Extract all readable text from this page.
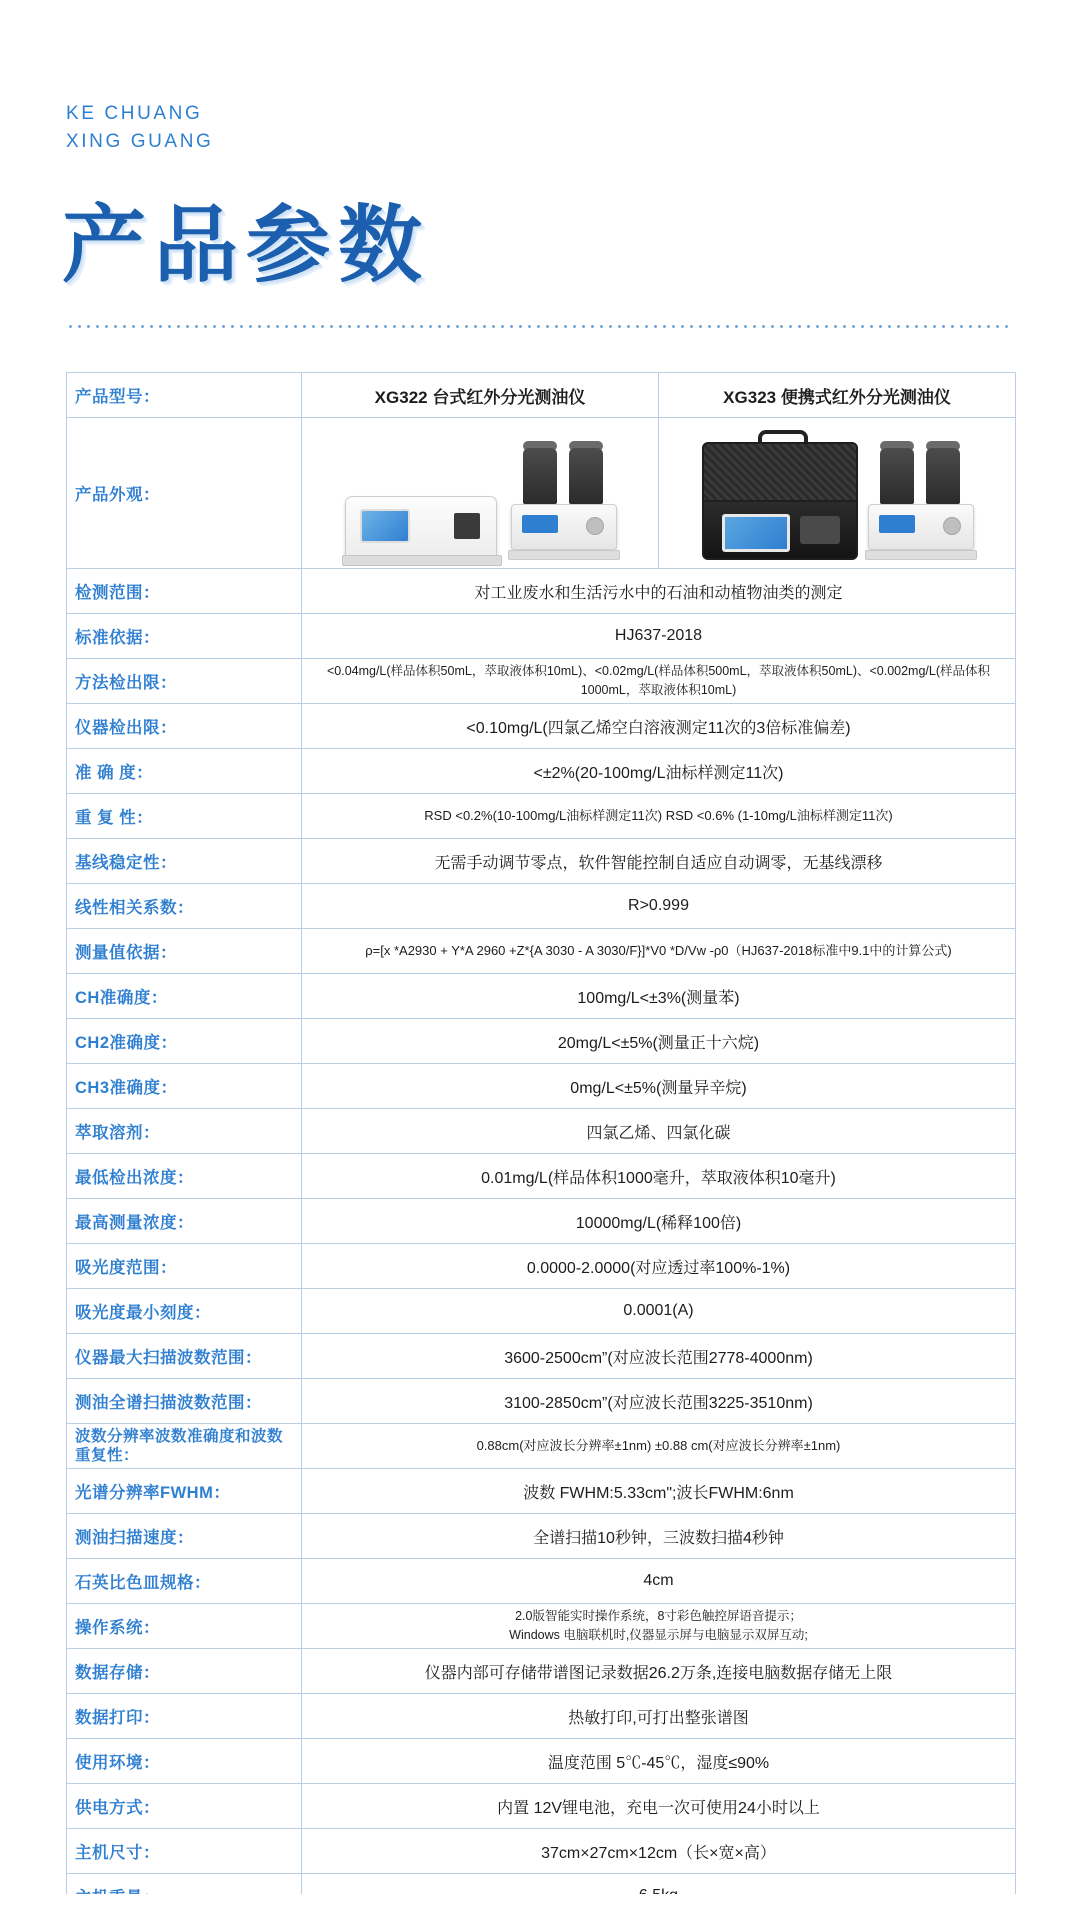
KE CHUANG
XING GUANG
产品参数
产品型号：	XG322 台式红外分光测油仪	XG323 便携式红外分光测油仪
产品外观：	

检测范围：	对工业废水和生活污水中的石油和动植物油类的测定	
标准依据：	HJ637-2018	
方法检出限：	<0.04mg/L(样品体积50mL，萃取液体积10mL)、<0.02mg/L(样品体积500mL，萃取液体积50mL)、<0.002mg/L(样品体积1000mL，萃取液体积10mL)	
仪器检出限：	<0.10mg/L(四氯乙烯空白溶液测定11次的3倍标准偏差)	
准 确 度：	<±2%(20-100mg/L油标样测定11次)	
重 复 性：	RSD <0.2%(10-100mg/L油标样测定11次) RSD <0.6% (1-10mg/L油标样测定11次)	
基线稳定性：	无需手动调节零点，软件智能控制自适应自动调零，无基线漂移	
线性相关系数：	R>0.999	
测量值依据：	ρ=[x *A2930 + Y*A 2960 +Z*{A 3030 - A 3030/F}]*V0 *D/Vw -ρ0（HJ637-2018标准中9.1中的计算公式)	
CH准确度：	100mg/L<±3%(测量苯)	
CH2准确度：	20mg/L<±5%(测量正十六烷)	
CH3准确度：	0mg/L<±5%(测量异辛烷)	
萃取溶剂：	四氯乙烯、四氯化碳	
最低检出浓度：	0.01mg/L(样品体积1000毫升，萃取液体积10毫升)	
最高测量浓度：	10000mg/L(稀释100倍)	
吸光度范围：	0.0000-2.0000(对应透过率100%-1%)	
吸光度最小刻度：	0.0001(A)	
仪器最大扫描波数范围：	3600-2500cm”(对应波长范围2778-4000nm)	
测油全谱扫描波数范围：	3100-2850cm”(对应波长范围3225-3510nm)	
波数分辨率波数准确度和波数重复性：	0.88cm(对应波长分辨率±1nm) ±0.88 cm(对应波长分辨率±1nm)	
光谱分辨率FWHM：	波数 FWHM:5.33cm";波长FWHM:6nm	
测油扫描速度：	全谱扫描10秒钟，三波数扫描4秒钟	
石英比色皿规格：	4cm	
操作系统：	2.0版智能实时操作系统，8寸彩色触控屏语音提示；
Windows 电脑联机时,仪器显示屏与电脑显示双屏互动;	
数据存储：	仪器内部可存储带谱图记录数据26.2万条,连接电脑数据存储无上限	
数据打印：	热敏打印,可打出整张谱图	
使用环境：	温度范围 5℃-45℃，湿度≤90%	
供电方式：	内置 12V锂电池，充电一次可使用24小时以上	
主机尺寸：	37cm×27cm×12cm（长×宽×高）	
